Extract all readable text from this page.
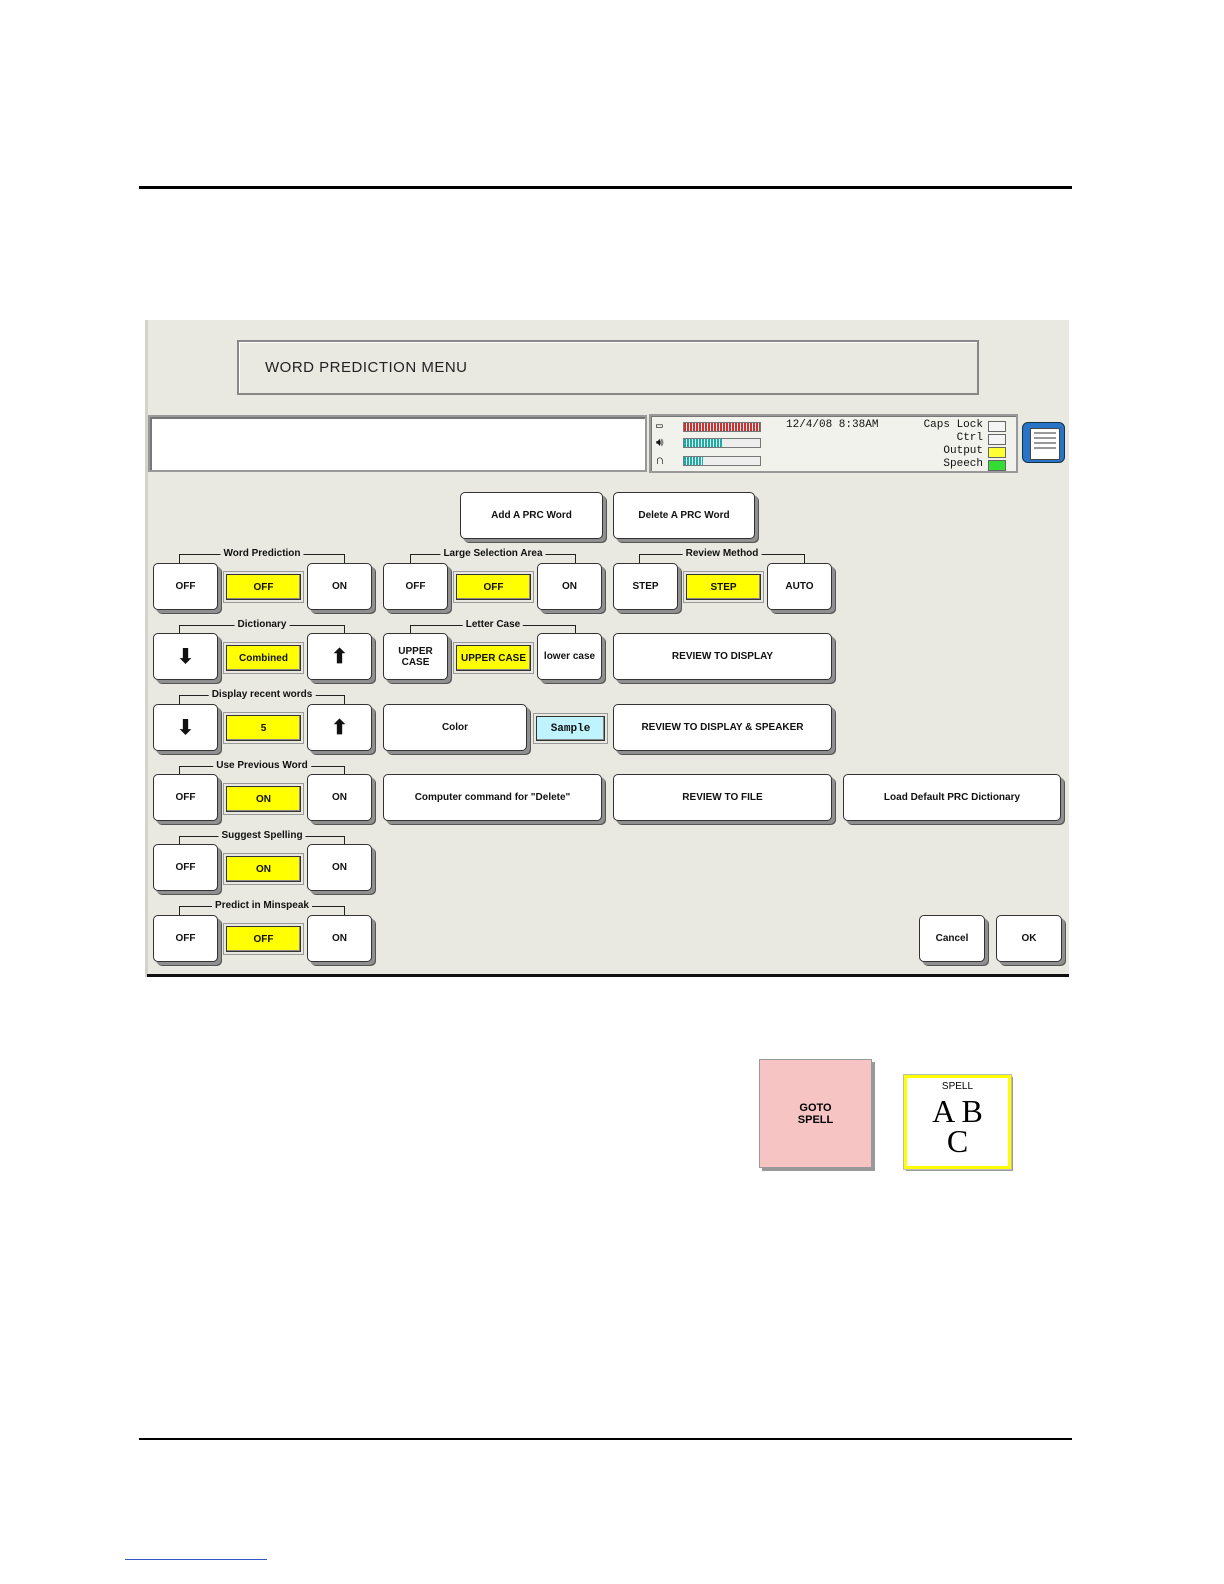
WORD PREDICTION MENU
▭
🔊︎
∩
12/4/08 8:38AM	Caps Lock
Ctrl
Output
Speech
Add A PRC Word	Delete A PRC Word
Word Prediction
OFF	OFF	ON
Large Selection Area
OFF	OFF	ON
Review Method
STEP	STEP	AUTO
Dictionary
⬇	Combined	⬆
Letter Case
UPPER CASE	UPPER CASE	lower case	REVIEW TO DISPLAY
Display recent words
⬇	5	⬆	Color	Sample	REVIEW TO DISPLAY & SPEAKER
Use Previous Word
OFF	ON	ON	Computer command for "Delete"	REVIEW TO FILE	Load Default PRC Dictionary
Suggest Spelling
OFF	ON	ON
Predict in Minspeak
OFF	OFF	ON	Cancel	OK
GOTO SPELL
SPELL
A B
C
